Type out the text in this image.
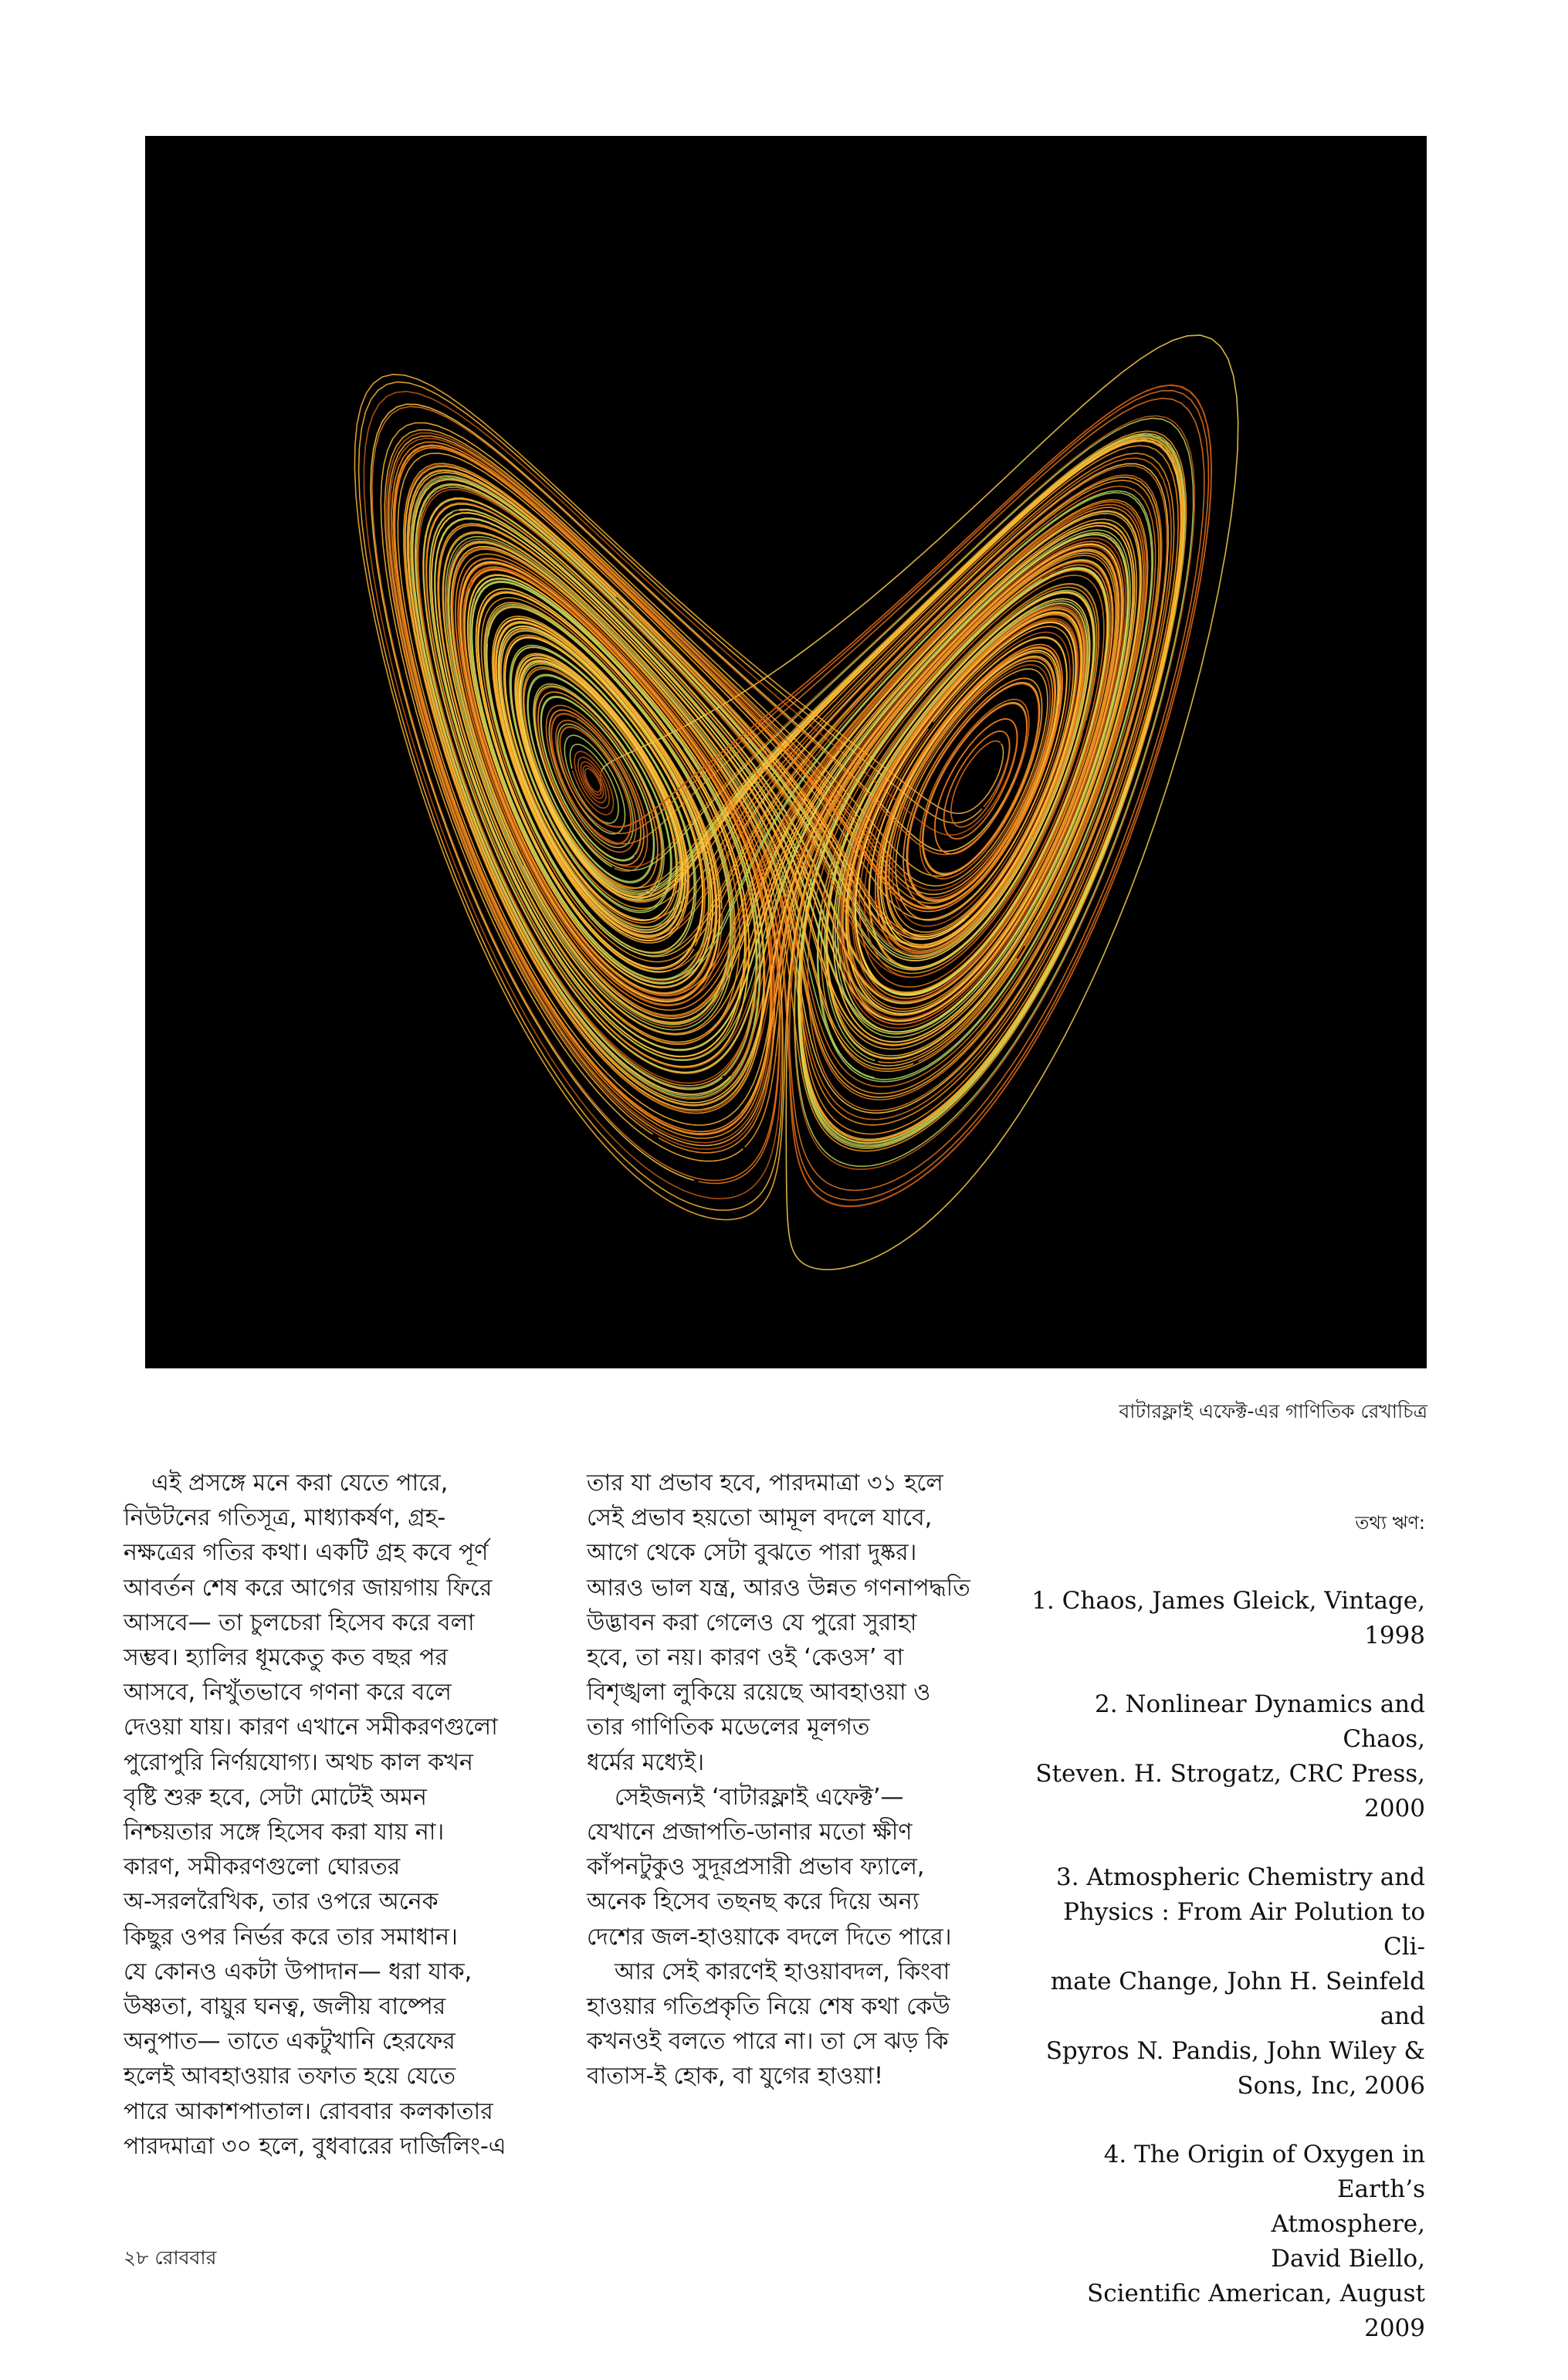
বাটারফ্লাই এফেক্ট-এর গাণিতিক রেখাচিত্র

এই প্রসঙ্গে মনে করা যেতে পারে,

নিউটনের গতিসূত্র, মাধ্যাকর্ষণ, গ্রহ-

নক্ষত্রের গতির কথা। একটি গ্রহ কবে পূর্ণ

আবর্তন শেষ করে আগের জায়গায় ফিরে

আসবে— তা চুলচেরা হিসেব করে বলা

সম্ভব। হ্যালির ধূমকেতু কত বছর পর

আসবে, নিখুঁতভাবে গণনা করে বলে

দেওয়া যায়। কারণ এখানে সমীকরণগুলো

পুরোপুরি নির্ণয়যোগ্য। অথচ কাল কখন

বৃষ্টি শুরু হবে, সেটা মোটেই অমন

নিশ্চয়তার সঙ্গে হিসেব করা যায় না।

কারণ, সমীকরণগুলো ঘোরতর

অ-সরলরৈখিক, তার ওপরে অনেক

কিছুর ওপর নির্ভর করে তার সমাধান।

যে কোনও একটা উপাদান— ধরা যাক,

উষ্ণতা, বায়ুর ঘনত্ব, জলীয় বাষ্পের

অনুপাত— তাতে একটুখানি হেরফের

হলেই আবহাওয়ার তফাত হয়ে যেতে

পারে আকাশপাতাল। রোববার কলকাতার

পারদমাত্রা ৩০ হলে, বুধবারের দার্জিলিং-এ

তার যা প্রভাব হবে, পারদমাত্রা ৩১ হলে

সেই প্রভাব হয়তো আমূল বদলে যাবে,

আগে থেকে সেটা বুঝতে পারা দুষ্কর।

আরও ভাল যন্ত্র, আরও উন্নত গণনাপদ্ধতি

উদ্ভাবন করা গেলেও যে পুরো সুরাহা

হবে, তা নয়। কারণ ওই ‘কেওস’ বা

বিশৃঙ্খলা লুকিয়ে রয়েছে আবহাওয়া ও

তার গাণিতিক মডেলের মূলগত

ধর্মের মধ্যেই।

সেইজন্যই ‘বাটারফ্লাই এফেক্ট’—

যেখানে প্রজাপতি-ডানার মতো ক্ষীণ

কাঁপনটুকুও সুদূরপ্রসারী প্রভাব ফ্যালে,

অনেক হিসেব তছনছ করে দিয়ে অন্য

দেশের জল-হাওয়াকে বদলে দিতে পারে।

আর সেই কারণেই হাওয়াবদল, কিংবা

হাওয়ার গতিপ্রকৃতি নিয়ে শেষ কথা কেউ

কখনওই বলতে পারে না। তা সে ঝড় কি

বাতাস-ই হোক, বা যুগের হাওয়া!

তথ্য ঋণ:
1. Chaos, James Gleick, Vintage,
1998
2. Nonlinear Dynamics and Chaos,
Steven. H. Strogatz, CRC Press,
2000
3. Atmospheric Chemistry and
Physics : From Air Polution to Cli-
mate Change, John H. Seinfeld and
Spyros N. Pandis, John Wiley &
Sons, Inc, 2006
4. The Origin of Oxygen in Earth’s
Atmosphere,
David Biello,
Scientific American, August 2009
২৮ রোববার
